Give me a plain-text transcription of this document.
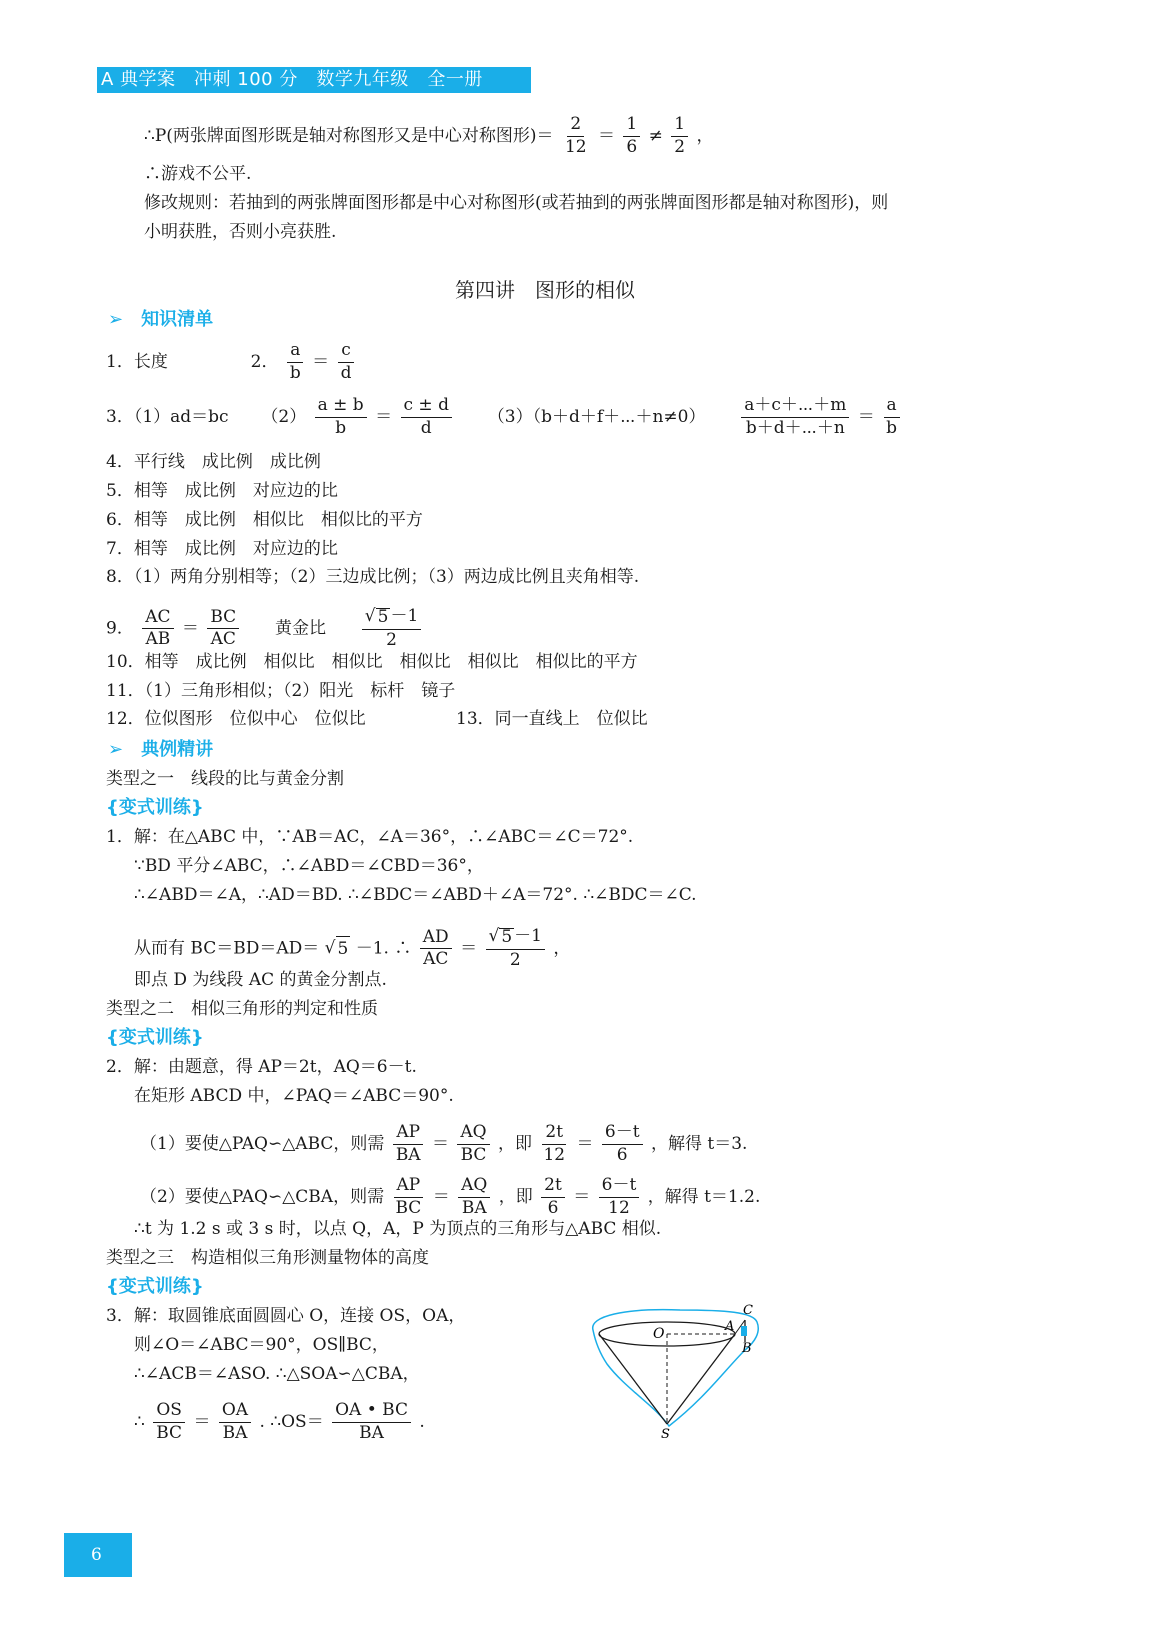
A 典学案　冲刺 100 分　数学九年级　全一册
∴P(两张牌面图形既是轴对称图形又是中心对称图形)＝ $\frac{2}{12} = \frac{1}{6} \ne \frac{1}{2}$ ，
∴游戏不公平.
修改规则：若抽到的两张牌面图形都是中心对称图形(或若抽到的两张牌面图形都是轴对称图形)，则
小明获胜，否则小亮获胜.
第四讲　图形的相似
➢　知识清单
1．长度	2． $\frac{a}{b} = \frac{c}{d}$
3．（1）ad＝bc $(2) \frac{a \pm b}{b} = \frac{c \pm d}{d}$ （3）（b＋d＋f＋⋯＋n≠0） $\frac{a+c+\cdots+m}{b+d+\cdots+n} = \frac{a}{b}$
4．平行线　成比例　成比例
5．相等　成比例　对应边的比
6．相等　成比例　相似比　相似比的平方
7．相等　成比例　对应边的比
8．（1）两角分别相等；（2）三边成比例；（3）两边成比例且夹角相等.
9． $\frac{AC}{AB} = \frac{BC}{AC}$ 黄金比 $\frac{√ 5 -1}{2}$
10．相等　成比例　相似比　相似比　相似比　相似比　相似比的平方
11．（1）三角形相似；（2）阳光　标杆　镜子
12．位似图形　位似中心　位似比	13．同一直线上　位似比
➢　典例精讲
类型之一　线段的比与黄金分割
{变式训练}
1．解：在△ABC 中，∵AB＝AC，∠A＝36°，∴∠ABC＝∠C＝72°.
∵BD 平分∠ABC，∴∠ABD＝∠CBD＝36°，
∴∠ABD＝∠A，∴AD＝BD. ∴∠BDC＝∠ABD＋∠A＝72°. ∴∠BDC＝∠C.
从而有 BC＝BD＝AD＝ √ 5 －1. ∴ $\frac{AD}{AC} = \frac{√ 5 -1}{2}$ ，
即点 D 为线段 AC 的黄金分割点.
类型之二　相似三角形的判定和性质
{变式训练}
2．解：由题意，得 AP＝2t，AQ＝6－t.
在矩形 ABCD 中，∠PAQ＝∠ABC＝90°.
（1）要使△PAQ∽△ABC，则需 $\frac{AP}{BA} = \frac{AQ}{BC}$ ，即 $\frac{2t}{12} = \frac{6-t}{6}$ ，解得 t＝3.
（2）要使△PAQ∽△CBA，则需 $\frac{AP}{BC} = \frac{AQ}{BA}$ ，即 $\frac{2t}{6} = \frac{6-t}{12}$ ，解得 t＝1.2.
∴t 为 1.2 s 或 3 s 时，以点 Q，A，P 为顶点的三角形与△ABC 相似.
类型之三　构造相似三角形测量物体的高度
{变式训练}
3．解：取圆锥底面圆圆心 O，连接 OS，OA，
则∠O＝∠ABC＝90°，OS∥BC，
∴∠ACB＝∠ASO. ∴△SOA∽△CBA，
∴ $\frac{OS}{BC} = \frac{OA}{BA}$ . ∴OS＝ $\frac{OA • BC}{BA}$ .
O	A
C
B
S
6
